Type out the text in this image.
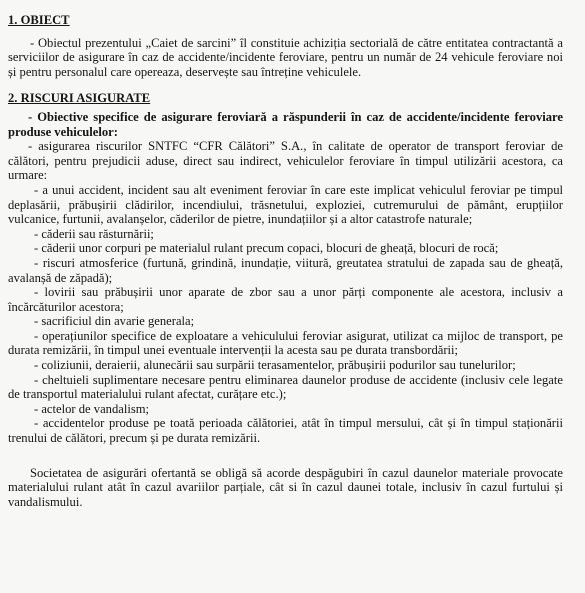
1. OBIECT

- Obiectul prezentului „Caiet de sarcini” îl constituie achiziția sectorială de către entitatea contractantă a serviciilor de asigurare în caz de accidente/incidente feroviare, pentru un număr de 24 vehicule feroviare noi și pentru personalul care opereaza, deservește sau întreține vehiculele.

2. RISCURI ASIGURATE

- Obiective specifice de asigurare feroviară a răspunderii în caz de accidente/incidente feroviare produse vehiculelor:

- asigurarea riscurilor SNTFC “CFR Călători” S.A., în calitate de operator de transport feroviar de călători, pentru prejudicii aduse, direct sau indirect, vehiculelor feroviare în timpul utilizării acestora, ca urmare:

- a unui accident, incident sau alt eveniment feroviar în care este implicat vehiculul feroviar pe timpul deplasării, prăbușirii clădirilor, incendiului, trăsnetului, exploziei, cutremurului de pământ, erupțiilor vulcanice, furtunii, avalanșelor, căderilor de pietre, inundațiilor și a altor catastrofe naturale;

- căderii sau răsturnării;

- căderii unor corpuri pe materialul rulant precum copaci, blocuri de gheață, blocuri de rocă;

- riscuri atmosferice (furtună, grindină, inundație, viitură, greutatea stratului de zapada sau de gheață, avalanșă de zăpadă);

- lovirii sau prăbușirii unor aparate de zbor sau a unor părți componente ale acestora, inclusiv a încărcăturilor acestora;

- sacrificiul din avarie generala;

- operațiunilor specifice de exploatare a vehiculului feroviar asigurat, utilizat ca mijloc de transport, pe durata remizării, în timpul unei eventuale intervenții la acesta sau pe durata transbordării;

- coliziunii, deraierii, alunecării sau surpării terasamentelor, prăbușirii podurilor sau tunelurilor;

- cheltuieli suplimentare necesare pentru eliminarea daunelor produse de accidente (inclusiv cele legate de transportul materialului rulant afectat, curățare etc.);

- actelor de vandalism;

- accidentelor produse pe toată perioada călătoriei, atât în timpul mersului, cât și în timpul staționării trenului de călători, precum și pe durata remizării.

Societatea de asigurări ofertantă se obligă să acorde despăgubiri în cazul daunelor materiale provocate materialului rulant atât în cazul avariilor parțiale, cât si în cazul daunei totale, inclusiv în cazul furtului și vandalismului.
